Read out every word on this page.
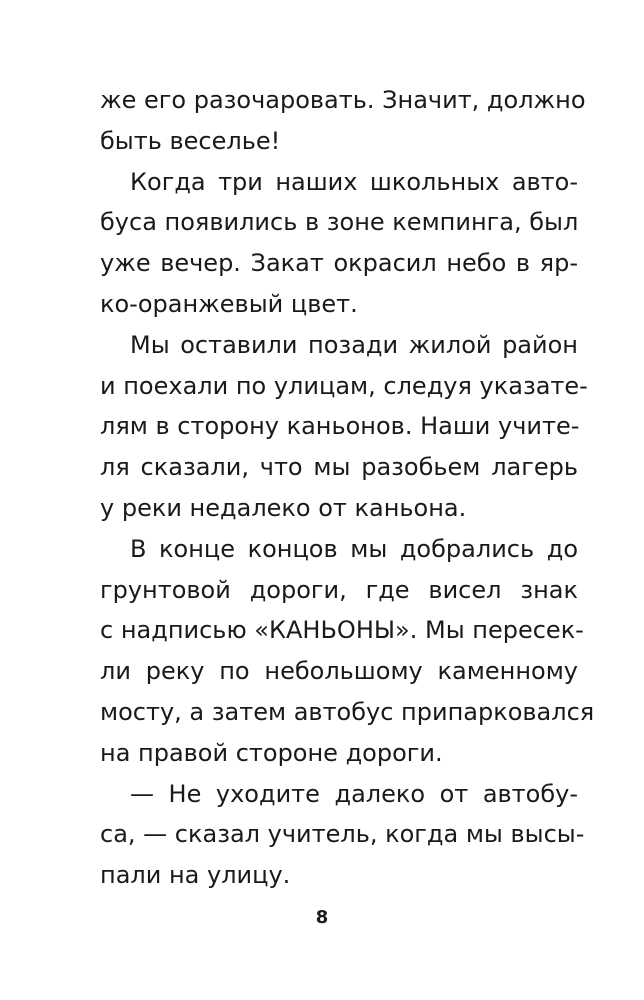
же его разочаровать. Значит, должно
быть веселье!
Когда три наших школьных авто-
буса появились в зоне кемпинга, был
уже вечер. Закат окрасил небо в яр-
ко-оранжевый цвет.
Мы оставили позади жилой район
и поехали по улицам, следуя указате-
лям в сторону каньонов. Наши учите-
ля сказали, что мы разобьем лагерь
у реки недалеко от каньона.
В конце концов мы добрались до
грунтовой дороги, где висел знак
с надписью «КАНЬОНЫ». Мы пересек-
ли реку по небольшому каменному
мосту, а затем автобус припарковался
на правой стороне дороги.
— Не уходите далеко от автобу-
са, — сказал учитель, когда мы высы-
пали на улицу.
8
